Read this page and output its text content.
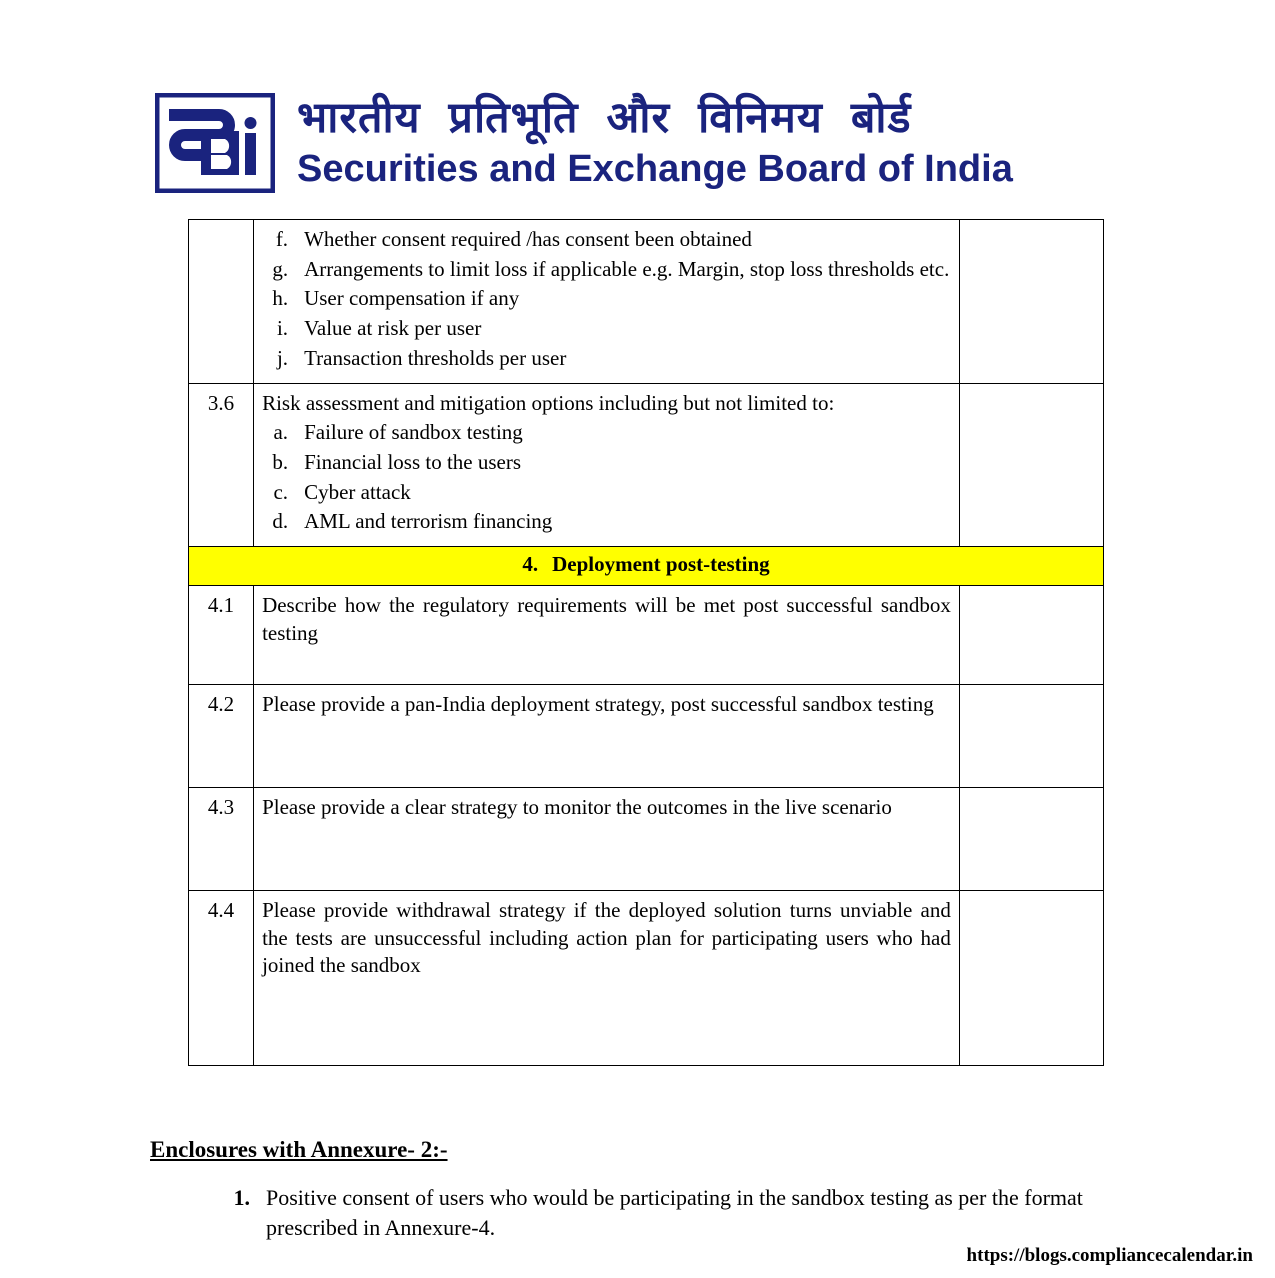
भारतीय प्रतिभूति और विनिमय बोर्ड
Securities and Exchange Board of India

f. Whether consent required /has consent been obtained
g. Arrangements to limit loss if applicable e.g. Margin, stop loss thresholds etc.
h. User compensation if any
i. Value at risk per user
j. Transaction thresholds per user

3.6	Risk assessment and mitigation options including but not limited to:
a. Failure of sandbox testing
b. Financial loss to the users
c. Cyber attack
d. AML and terrorism financing

4. Deployment post-testing		
4.1	Describe how the regulatory requirements will be met post successful sandbox testing	
4.2	Please provide a pan-India deployment strategy, post successful sandbox testing	
4.3	Please provide a clear strategy to monitor the outcomes in the live scenario	
4.4	Please provide withdrawal strategy if the deployed solution turns unviable and the tests are unsuccessful including action plan for participating users who had joined the sandbox	
Enclosures with Annexure- 2:-
1. Positive consent of users who would be participating in the sandbox testing as per the format prescribed in Annexure-4.
https://blogs.compliancecalendar.in
